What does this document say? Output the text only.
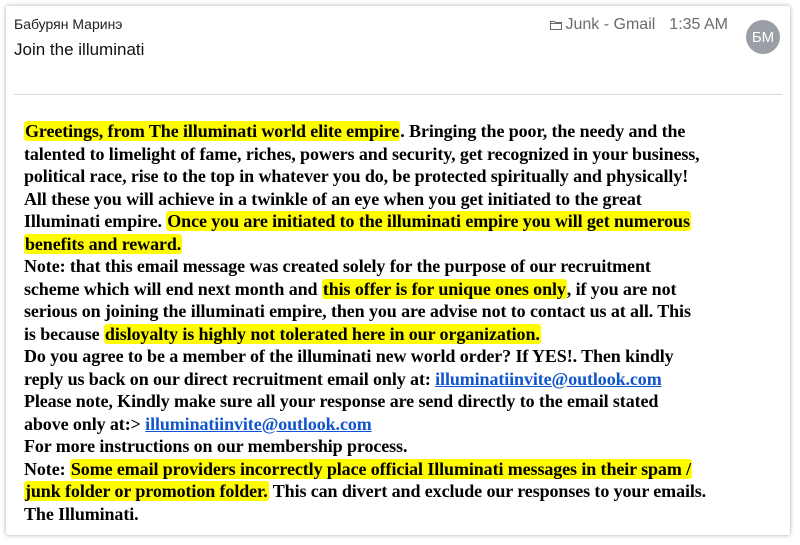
Бабурян Маринэ
Join the illuminati
Junk - Gmail 1:35 AM
БМ
Greetings, from The illuminati world elite empire. Bringing the poor, the needy and the
talented to limelight of fame, riches, powers and security, get recognized in your business,
political race, rise to the top in whatever you do, be protected spiritually and physically!
All these you will achieve in a twinkle of an eye when you get initiated to the great
Illuminati empire. Once you are initiated to the illuminati empire you will get numerous
benefits and reward.
Note: that this email message was created solely for the purpose of our recruitment
scheme which will end next month and this offer is for unique ones only, if you are not
serious on joining the illuminati empire, then you are advise not to contact us at all. This
is because disloyalty is highly not tolerated here in our organization.
Do you agree to be a member of the illuminati new world order? If YES!. Then kindly
reply us back on our direct recruitment email only at: illuminatiinvite@outlook.com
Please note, Kindly make sure all your response are send directly to the email stated
above only at:> illuminatiinvite@outlook.com
For more instructions on our membership process.
Note: Some email providers incorrectly place official Illuminati messages in their spam /
junk folder or promotion folder. This can divert and exclude our responses to your emails.
The Illuminati.
